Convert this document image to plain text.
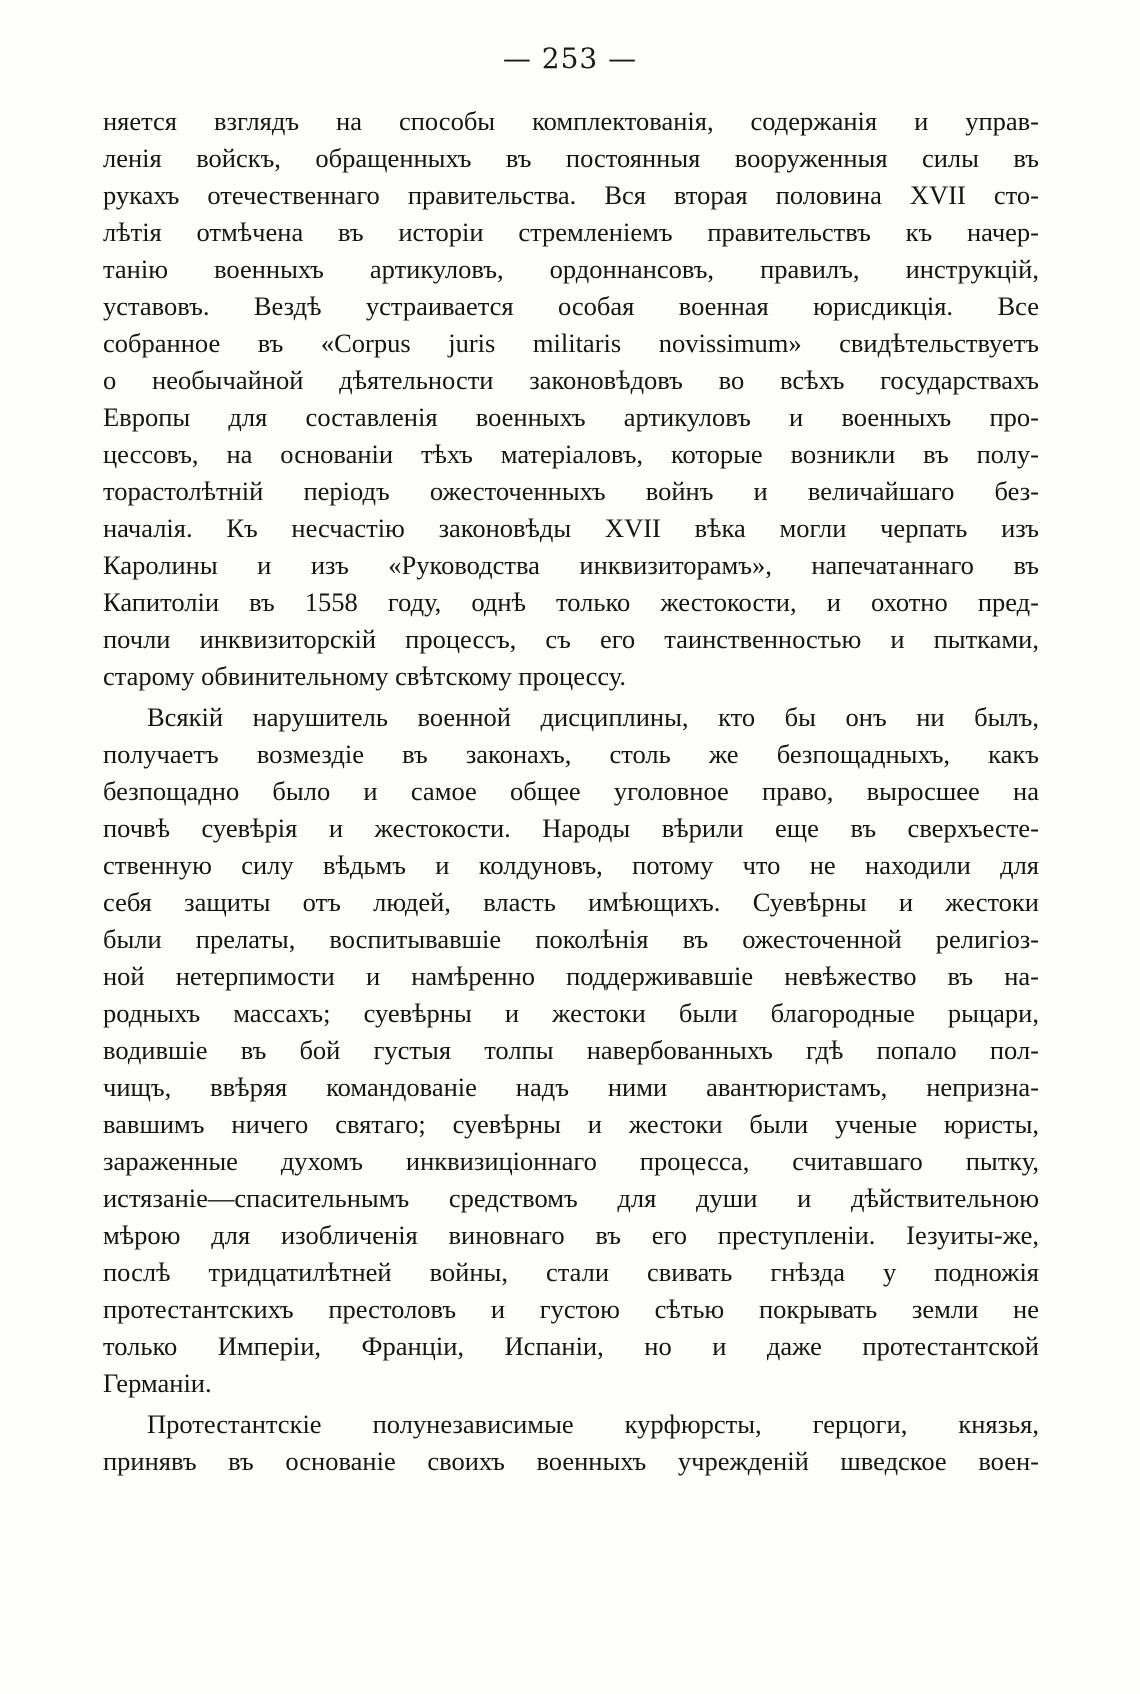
— 253 —
няется взглядъ на способы комплектованія, содержанія и управ-
ленія войскъ, обращенныхъ въ постоянныя вооруженныя силы въ
рукахъ отечественнаго правительства. Вся вторая половина XVII сто-
лѣтія отмѣчена въ исторіи стремленіемъ правительствъ къ начер-
танію военныхъ артикуловъ, ордоннансовъ, правилъ, инструкцій,
уставовъ. Вездѣ устраивается особая военная юрисдикція. Все
собранное въ «Corpus juris militaris novissimum» свидѣтельствуетъ
о необычайной дѣятельности законовѣдовъ во всѣхъ государствахъ
Европы для составленія военныхъ артикуловъ и военныхъ про-
цессовъ, на основаніи тѣхъ матеріаловъ, которые возникли въ полу-
торастолѣтній періодъ ожесточенныхъ войнъ и величайшаго без-
началія. Къ несчастію законовѣды XVII вѣка могли черпать изъ
Каролины и изъ «Руководства инквизиторамъ», напечатаннаго въ
Капитоліи въ 1558 году, однѣ только жестокости, и охотно пред-
почли инквизиторскій процессъ, съ его таинственностью и пытками,
старому обвинительному свѣтскому процессу.
Всякій нарушитель военной дисциплины, кто бы онъ ни былъ,
получаетъ возмездіе въ законахъ, столь же безпощадныхъ, какъ
безпощадно было и самое общее уголовное право, выросшее на
почвѣ суевѣрія и жестокости. Народы вѣрили еще въ сверхъесте-
ственную силу вѣдьмъ и колдуновъ, потому что не находили для
себя защиты отъ людей, власть имѣющихъ. Суевѣрны и жестоки
были прелаты, воспитывавшіе поколѣнія въ ожесточенной религіоз-
ной нетерпимости и намѣренно поддерживавшіе невѣжество въ на-
родныхъ массахъ; суевѣрны и жестоки были благородные рыцари,
водившіе въ бой густыя толпы навербованныхъ гдѣ попало пол-
чищъ, ввѣряя командованіе надъ ними авантюристамъ, непризна-
вавшимъ ничего святаго; суевѣрны и жестоки были ученые юристы,
зараженные духомъ инквизиціоннаго процесса, считавшаго пытку,
истязаніе—спасительнымъ средствомъ для души и дѣйствительною
мѣрою для изобличенія виновнаго въ его преступленіи. Іезуиты-же,
послѣ тридцатилѣтней войны, стали свивать гнѣзда у подножія
протестантскихъ престоловъ и густою сѣтью покрывать земли не
только Имперіи, Франціи, Испаніи, но и даже протестантской
Германіи.
Протестантскіе полунезависимые курфюрсты, герцоги, князья,
принявъ въ основаніе своихъ военныхъ учрежденій шведское воен-
